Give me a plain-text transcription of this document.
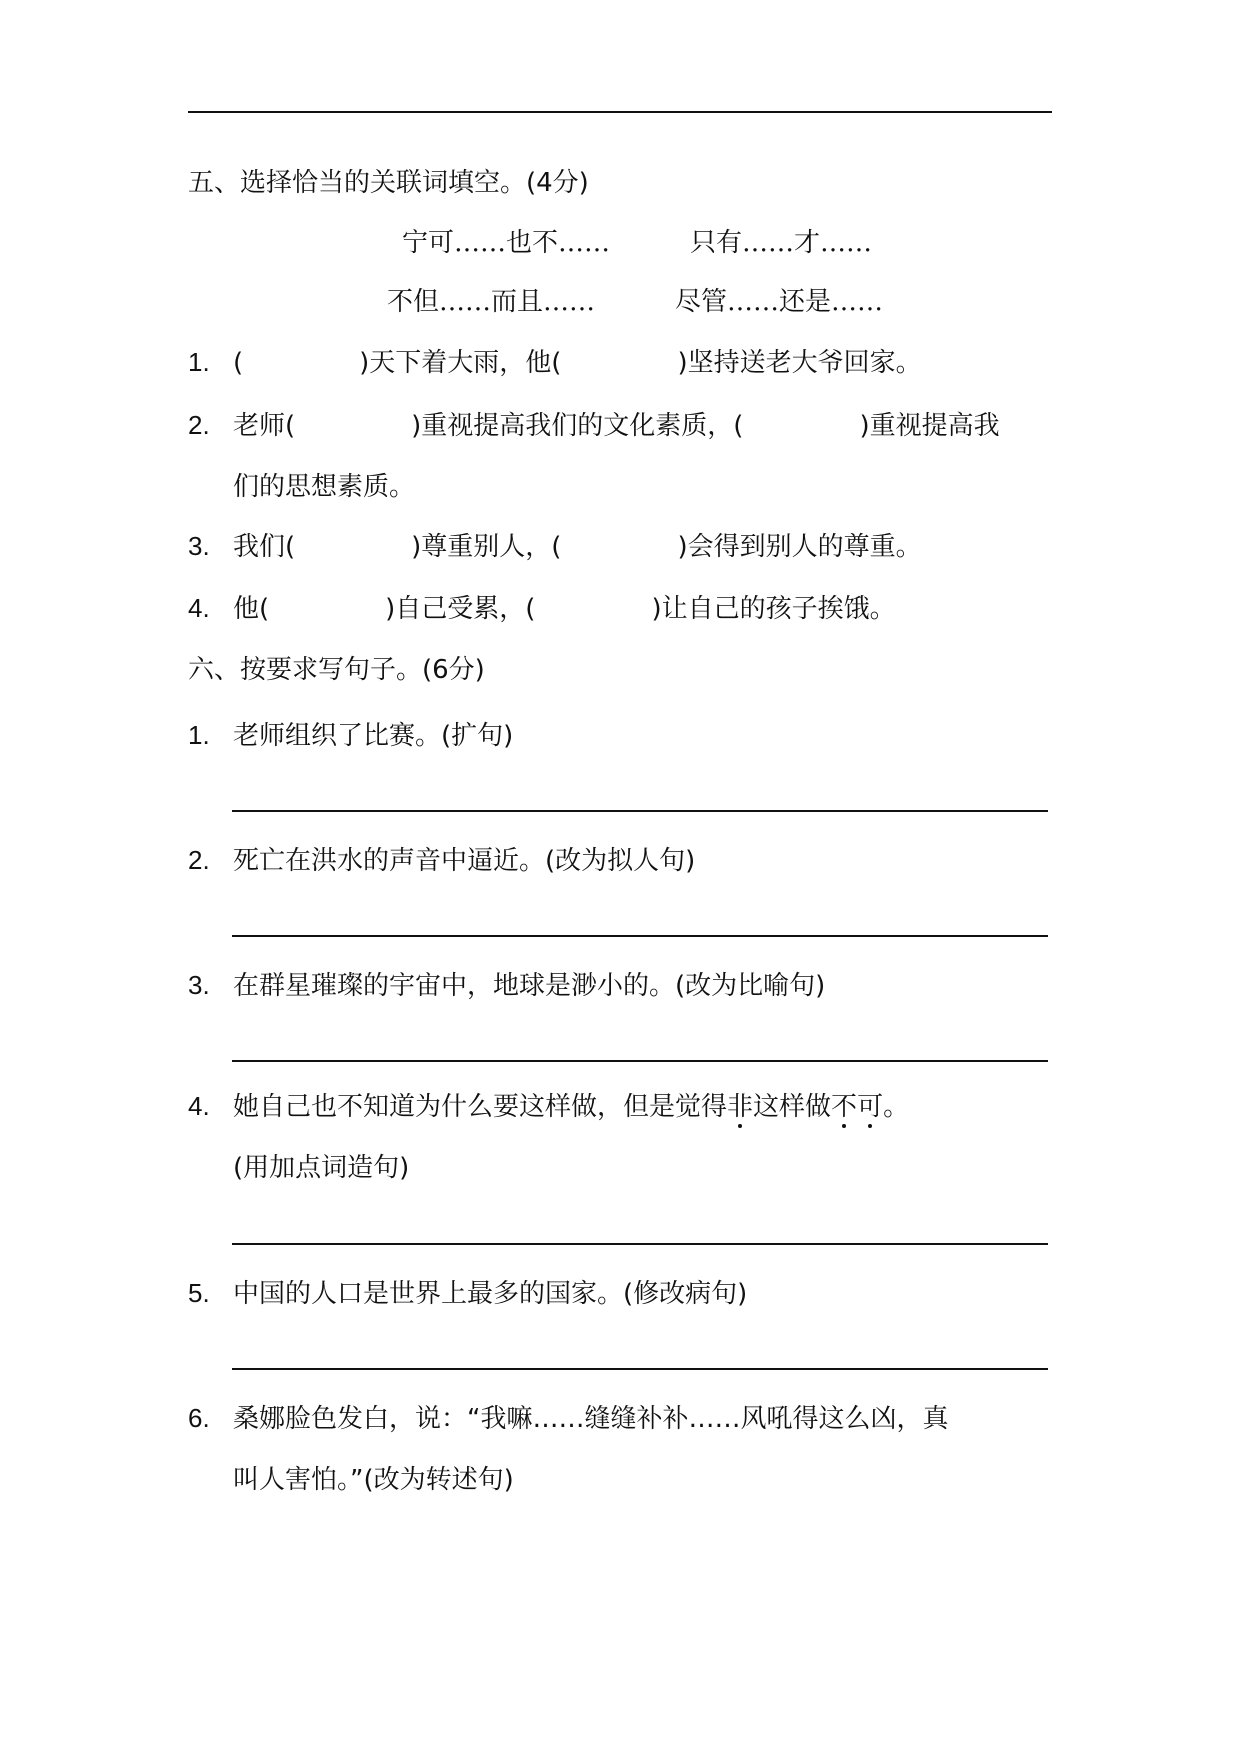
五、选择恰当的关联词填空。(4分)
宁可……也不……	只有……才……
不但……而且……	尽管……还是……
1. (	)天下着大雨，他(	)坚持送老大爷回家。
2. 老师(	)重视提高我们的文化素质，(	)重视提高我
们的思想素质。
3. 我们(	)尊重别人，(	)会得到别人的尊重。
4. 他(	)自己受累，(	)让自己的孩子挨饿。
六、按要求写句子。(6分)
1. 老师组织了比赛。(扩句)
2. 死亡在洪水的声音中逼近。(改为拟人句)
3. 在群星璀璨的宇宙中，地球是渺小的。(改为比喻句)
4. 她自己也不知道为什么要这样做，但是觉得非这样做不可。
(用加点词造句)
5. 中国的人口是世界上最多的国家。(修改病句)
6. 桑娜脸色发白，说：“我嘛……缝缝补补……风吼得这么凶，真
叫人害怕。”(改为转述句)
